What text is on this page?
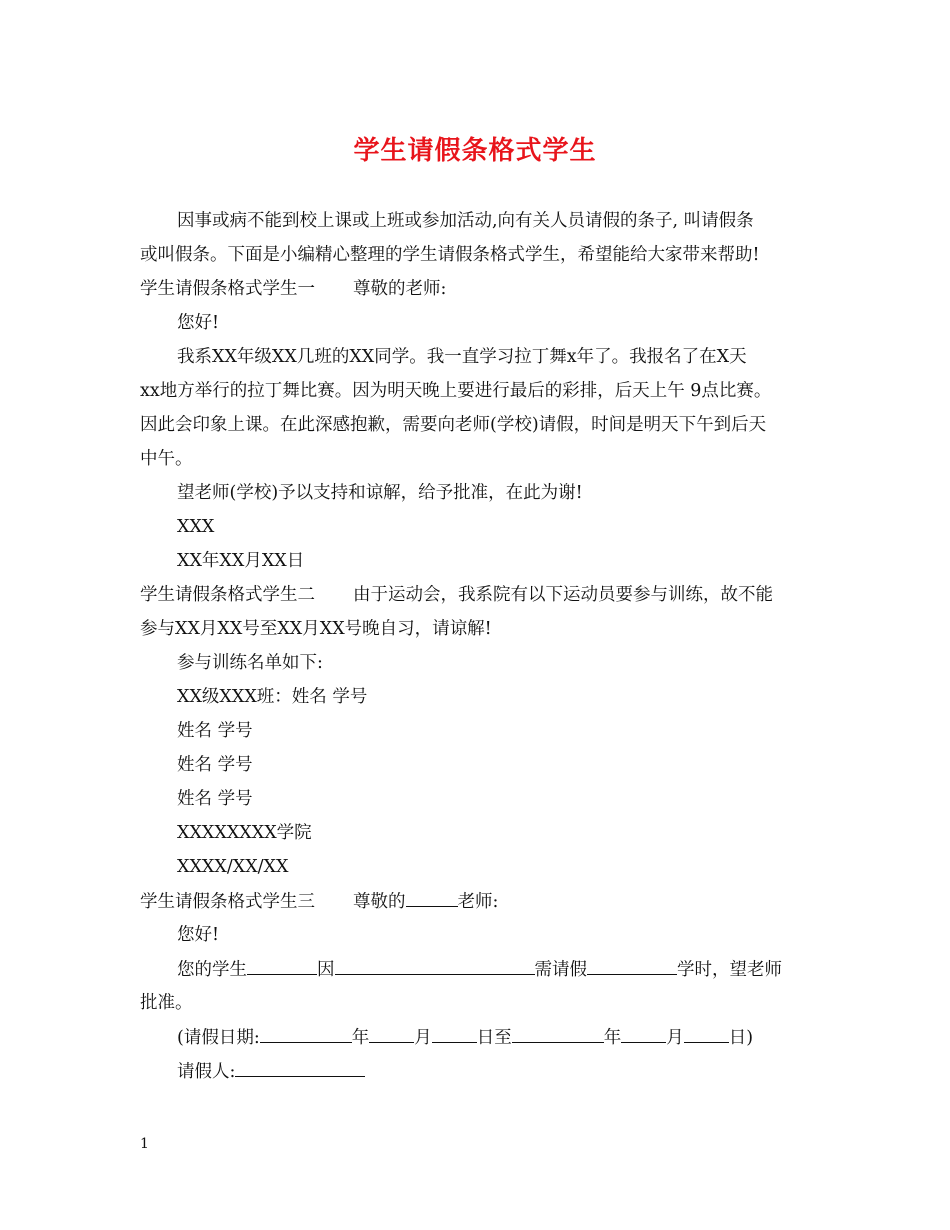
学生请假条格式学生
因事或病不能到校上课或上班或参加活动,向有关人员请假的条子, 叫请假条
或叫假条。下面是小编精心整理的学生请假条格式学生，希望能给大家带来帮助!
学生请假条格式学生一 尊敬的老师:
您好!
我系XX年级XX几班的XX同学。我一直学习拉丁舞x年了。我报名了在X天
xx地方举行的拉丁舞比赛。因为明天晚上要进行最后的彩排，后天上午 9点比赛。
因此会印象上课。在此深感抱歉，需要向老师(学校)请假，时间是明天下午到后天
中午。
望老师(学校)予以支持和谅解，给予批准，在此为谢!
XXX
XX年XX月XX日
学生请假条格式学生二 由于运动会，我系院有以下运动员要参与训练，故不能
参与XX月XX号至XX月XX号晚自习，请谅解!
参与训练名单如下:
XX级XXX班：姓名 学号
姓名 学号
姓名 学号
姓名 学号
XXXXXXXX学院
XXXX/XX/XX
学生请假条格式学生三 尊敬的	老师:
您好!
您的学生	因	需请假	学时，望老师
批准。
(请假日期:	年	月	日至	年	月	日)
请假人:
1
